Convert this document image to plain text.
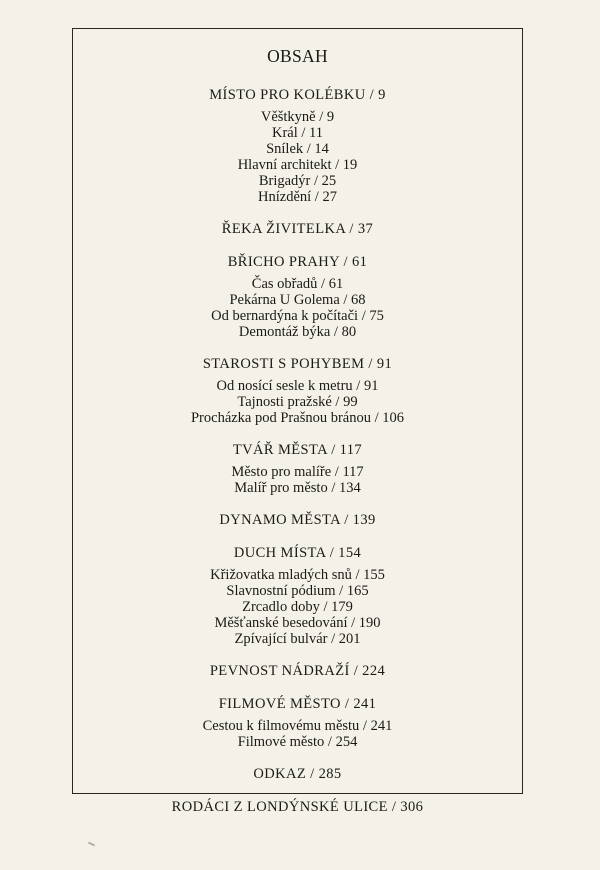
OBSAH
MÍSTO PRO KOLÉBKU / 9
Věštkyně / 9
Král / 11
Snílek / 14
Hlavní architekt / 19
Brigadýr / 25
Hnízdění / 27
ŘEKA ŽIVITELKA / 37
BŘICHO PRAHY / 61
Čas obřadů / 61
Pekárna U Golema / 68
Od bernardýna k počítači / 75
Demontáž býka / 80
STAROSTI S POHYBEM / 91
Od nosící sesle k metru / 91
Tajnosti pražské / 99
Procházka pod Prašnou bránou / 106
TVÁŘ MĚSTA / 117
Město pro malíře / 117
Malíř pro město / 134
DYNAMO MĚSTA / 139
DUCH MÍSTA / 154
Křižovatka mladých snů / 155
Slavnostní pódium / 165
Zrcadlo doby / 179
Měšťanské besedování / 190
Zpívající bulvár / 201
PEVNOST NÁDRAŽÍ / 224
FILMOVÉ MĚSTO / 241
Cestou k filmovému městu / 241
Filmové město / 254
ODKAZ / 285
RODÁCI Z LONDÝNSKÉ ULICE / 306
